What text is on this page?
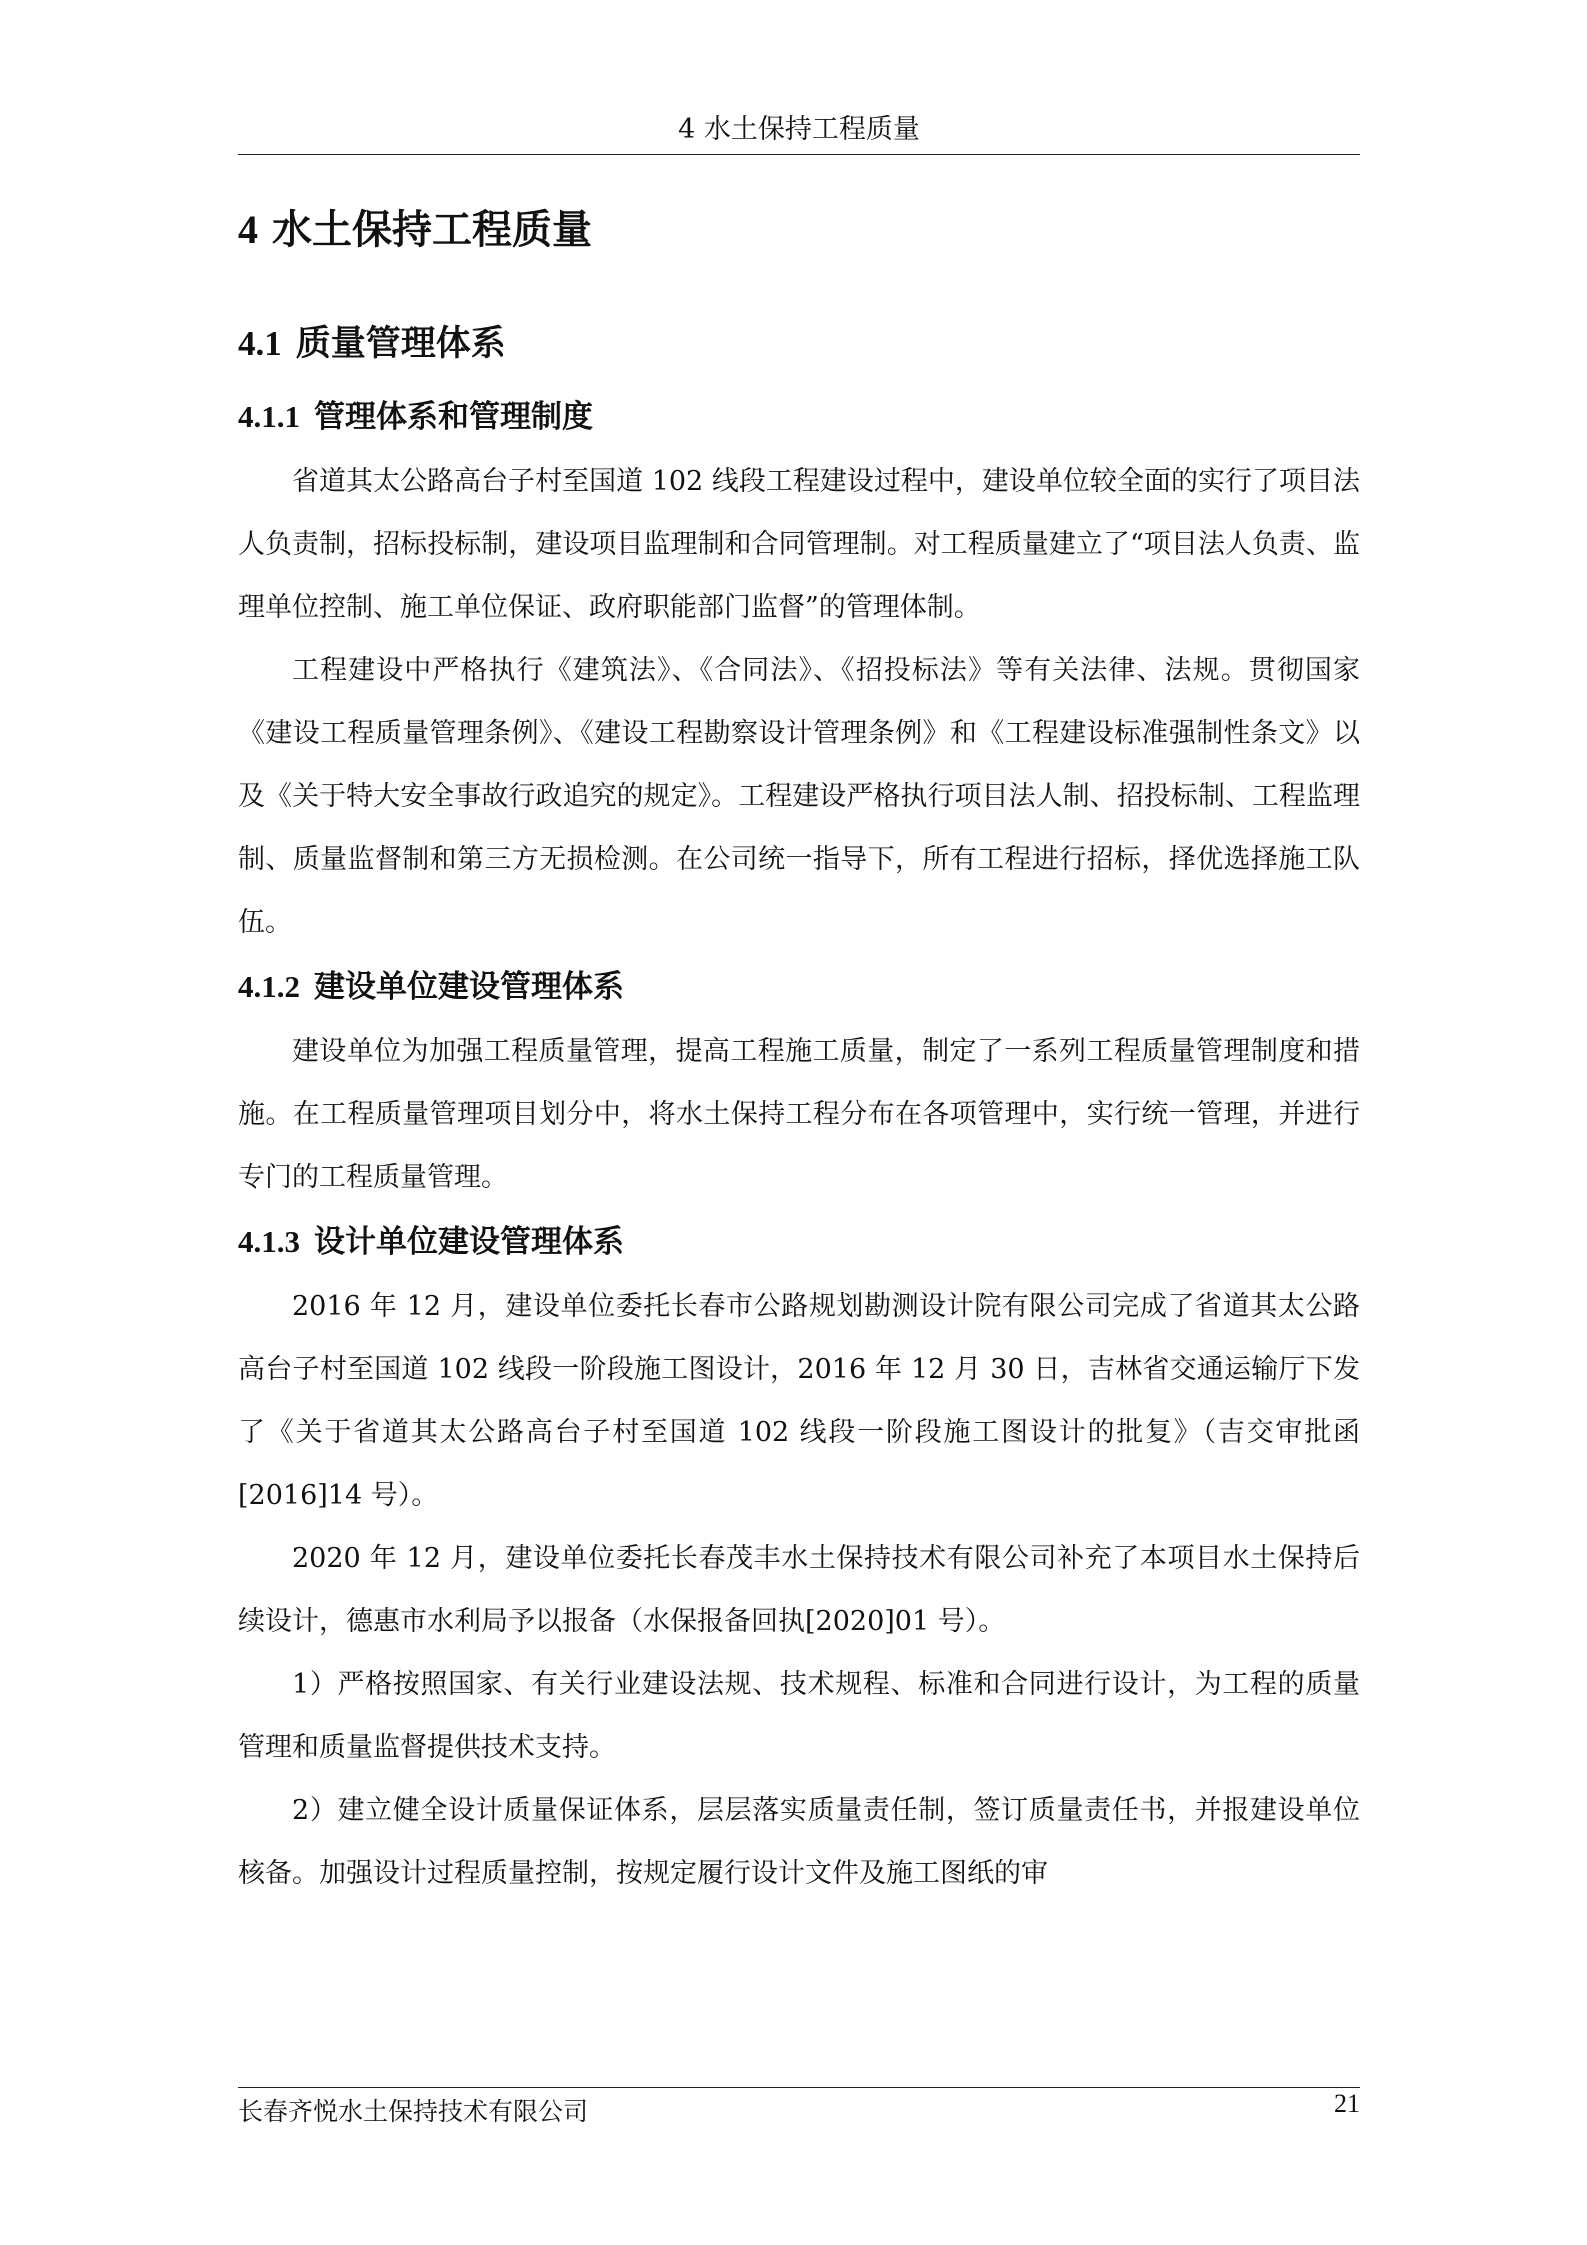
4 水土保持工程质量
4 水土保持工程质量
4.1 质量管理体系
4.1.1 管理体系和管理制度

省道其太公路高台子村至国道 102 线段工程建设过程中，建设单位较全面的实行了项目法人负责制，招标投标制，建设项目监理制和合同管理制。对工程质量建立了“项目法人负责、监理单位控制、施工单位保证、政府职能部门监督”的管理体制。

工程建设中严格执行《建筑法》、《合同法》、《招投标法》等有关法律、法规。贯彻国家《建设工程质量管理条例》、《建设工程勘察设计管理条例》和《工程建设标准强制性条文》以及《关于特大安全事故行政追究的规定》。工程建设严格执行项目法人制、招投标制、工程监理制、质量监督制和第三方无损检测。在公司统一指导下，所有工程进行招标，择优选择施工队伍。

4.1.2 建设单位建设管理体系

建设单位为加强工程质量管理，提高工程施工质量，制定了一系列工程质量管理制度和措施。在工程质量管理项目划分中，将水土保持工程分布在各项管理中，实行统一管理，并进行专门的工程质量管理。

4.1.3 设计单位建设管理体系

2016 年 12 月，建设单位委托长春市公路规划勘测设计院有限公司完成了省道其太公路高台子村至国道 102 线段一阶段施工图设计，2016 年 12 月 30 日，吉林省交通运输厅下发了《关于省道其太公路高台子村至国道 102 线段一阶段施工图设计的批复》（吉交审批函[2016]14 号）。

2020 年 12 月，建设单位委托长春茂丰水土保持技术有限公司补充了本项目水土保持后续设计，德惠市水利局予以报备（水保报备回执[2020]01 号）。

1）严格按照国家、有关行业建设法规、技术规程、标准和合同进行设计，为工程的质量管理和质量监督提供技术支持。

2）建立健全设计质量保证体系，层层落实质量责任制，签订质量责任书，并报建设单位核备。加强设计过程质量控制，按规定履行设计文件及施工图纸的审

长春齐悦水土保持技术有限公司	21
